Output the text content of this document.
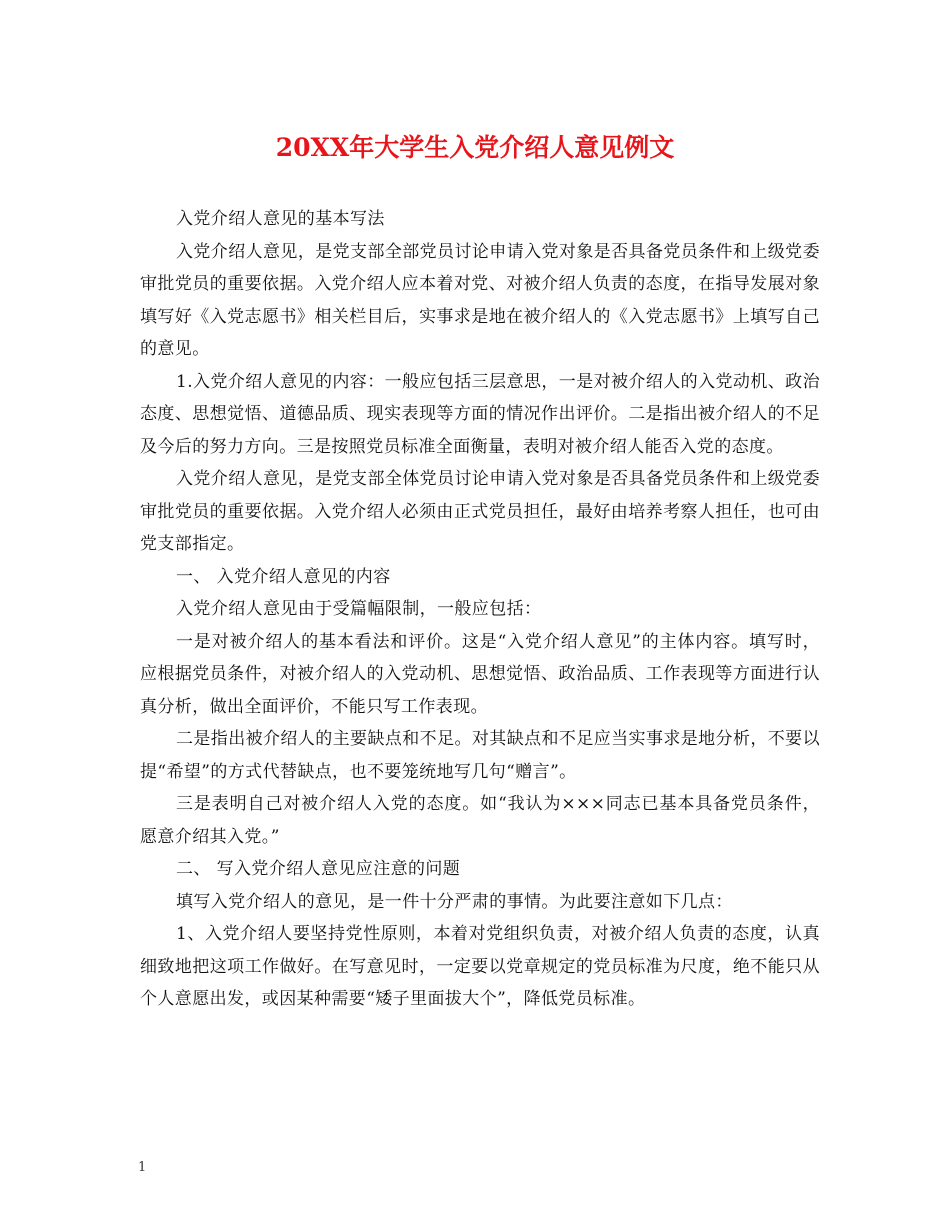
20XX年大学生入党介绍人意见例文

入党介绍人意见的基本写法

入党介绍人意见，是党支部全部党员讨论申请入党对象是否具备党员条件和上级党委审批党员的重要依据。入党介绍人应本着对党、对被介绍人负责的态度，在指导发展对象填写好《入党志愿书》相关栏目后，实事求是地在被介绍人的《入党志愿书》上填写自己的意见。

1.入党介绍人意见的内容：一般应包括三层意思，一是对被介绍人的入党动机、政治态度、思想觉悟、道德品质、现实表现等方面的情况作出评价。二是指出被介绍人的不足及今后的努力方向。三是按照党员标准全面衡量，表明对被介绍人能否入党的态度。

入党介绍人意见，是党支部全体党员讨论申请入党对象是否具备党员条件和上级党委审批党员的重要依据。入党介绍人必须由正式党员担任，最好由培养考察人担任，也可由党支部指定。

一、 入党介绍人意见的内容

入党介绍人意见由于受篇幅限制，一般应包括：

一是对被介绍人的基本看法和评价。这是“入党介绍人意见”的主体内容。填写时，应根据党员条件，对被介绍人的入党动机、思想觉悟、政治品质、工作表现等方面进行认真分析，做出全面评价，不能只写工作表现。

二是指出被介绍人的主要缺点和不足。对其缺点和不足应当实事求是地分析，不要以提“希望”的方式代替缺点，也不要笼统地写几句“赠言”。

三是表明自己对被介绍人入党的态度。如“我认为×××同志已基本具备党员条件，愿意介绍其入党。”

二、 写入党介绍人意见应注意的问题

填写入党介绍人的意见，是一件十分严肃的事情。为此要注意如下几点：

1、入党介绍人要坚持党性原则，本着对党组织负责，对被介绍人负责的态度，认真细致地把这项工作做好。在写意见时，一定要以党章规定的党员标准为尺度，绝不能只从个人意愿出发，或因某种需要“矮子里面拔大个”，降低党员标准。

1
